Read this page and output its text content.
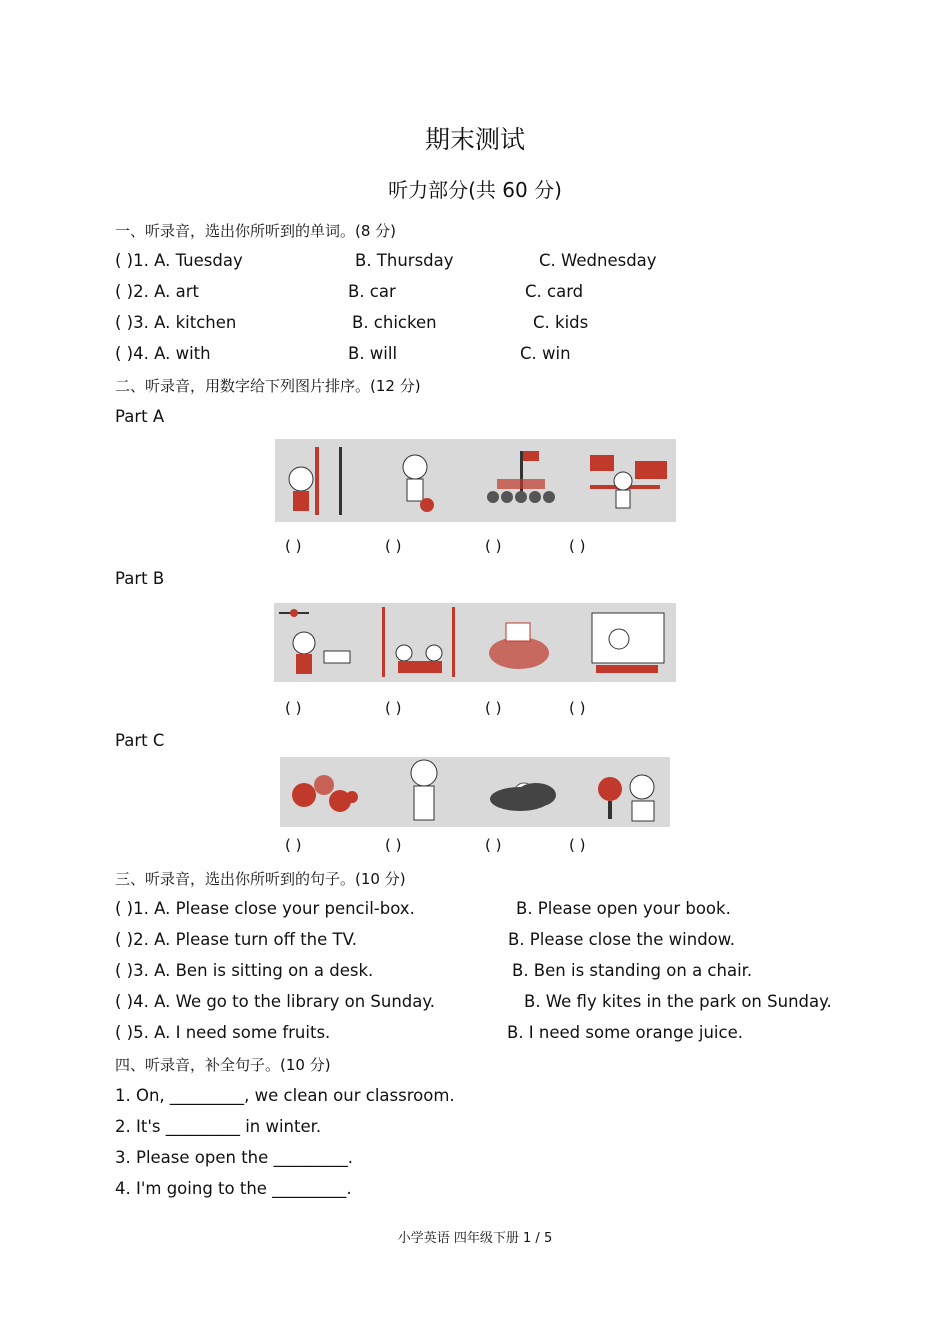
期末测试
听力部分(共 60 分)
一、听录音，选出你所听到的单词。(8 分)
( )1. A. Tuesday	B. Thursday	C. Wednesday
( )2. A. art	B. car	C. card
( )3. A. kitchen	B. chicken	C. kids
( )4. A. with	B. will	C. win
二、听录音，用数字给下列图片排序。(12 分)
Part A
( )	( )	( )	( )
Part B
( )	( )	( )	( )
Part C
( )	( )	( )	( )
三、听录音，选出你所听到的句子。(10 分)
( )1. A. Please close your pencil-box.	B. Please open your book.
( )2. A. Please turn off the TV.	B. Please close the window.
( )3. A. Ben is sitting on a desk.	B. Ben is standing on a chair.
( )4. A. We go to the library on Sunday.	B. We fly kites in the park on Sunday.
( )5. A. I need some fruits.	B. I need some orange juice.
四、听录音，补全句子。(10 分)
1. On, _________, we clean our classroom.
2. It's _________ in winter.
3. Please open the _________.
4. I'm going to the _________.
小学英语 四年级下册 1 / 5
